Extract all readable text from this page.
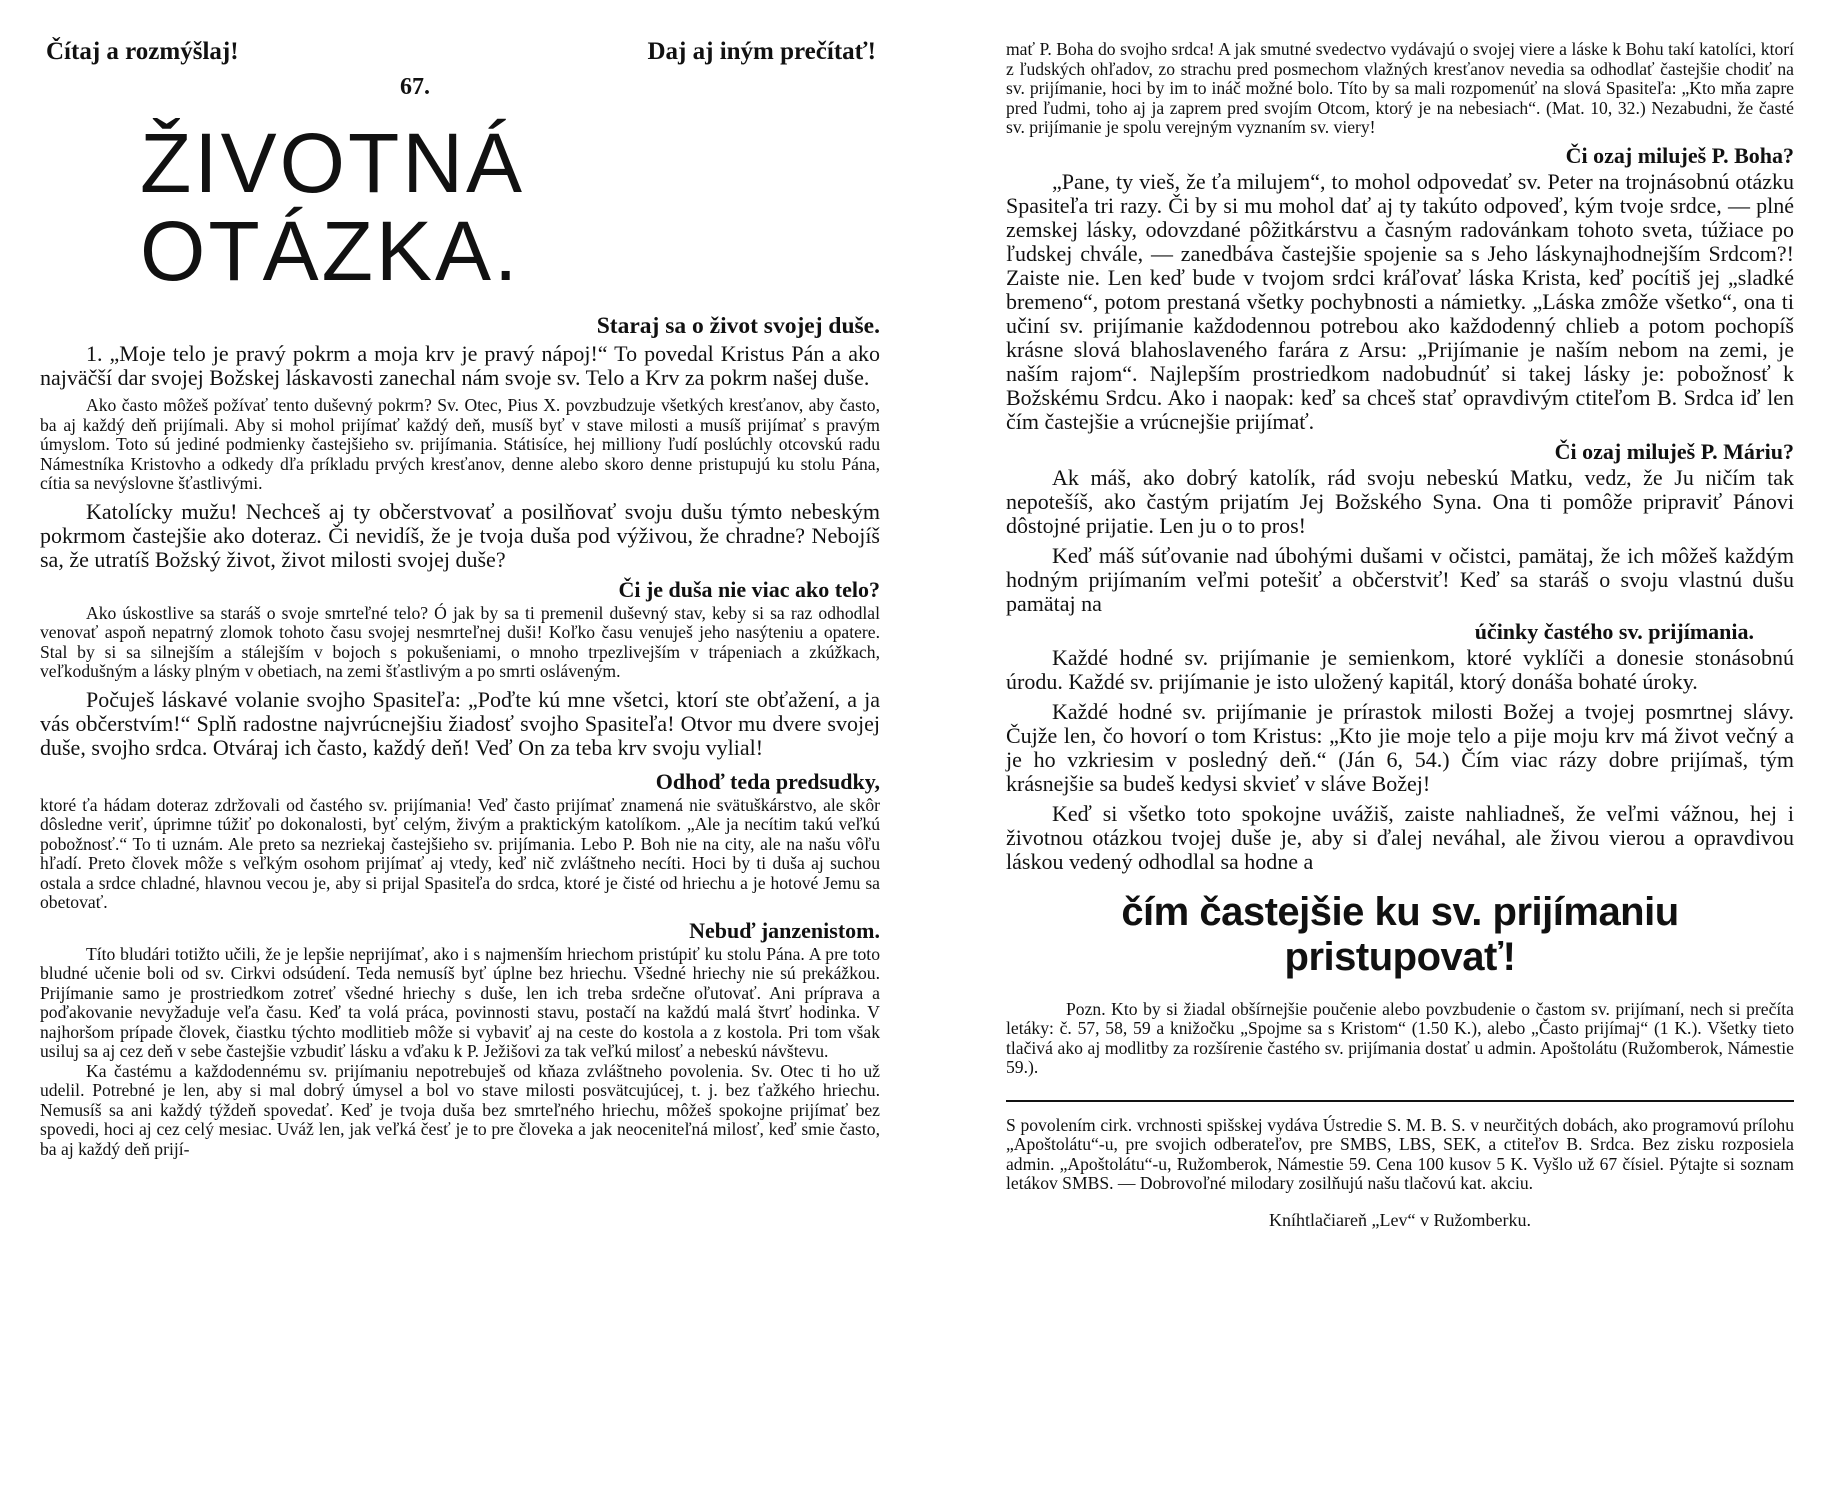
Čítaj a rozmýšlaj!	Daj aj iným prečítať!
67.
ŽIVOTNÁ OTÁZKA.
Staraj sa o život svojej duše.

1. „Moje telo je pravý pokrm a moja krv je pravý nápoj!“ To povedal Kristus Pán a ako najväčší dar svojej Božskej láskavosti zanechal nám svoje sv. Telo a Krv za pokrm našej duše.

Ako často môžeš požívať tento duševný pokrm? Sv. Otec, Pius X. povzbudzuje všetkých kresťanov, aby často, ba aj každý deň prijímali. Aby si mohol prijímať každý deň, musíš byť v stave milosti a musíš prijímať s pravým úmyslom. Toto sú jediné podmienky častejšieho sv. prijímania. Státisíce, hej milliony ľudí poslúchly otcovskú radu Námestníka Kristovho a odkedy dľa príkladu prvých kresťanov, denne alebo skoro denne pristupujú ku stolu Pána, cítia sa nevýslovne šťastlivými.

Katolícky mužu! Nechceš aj ty občerstvovať a posilňovať svoju dušu týmto nebeským pokrmom častejšie ako doteraz. Či nevidíš, že je tvoja duša pod výživou, že chradne? Nebojíš sa, že utratíš Božský život, život milosti svojej duše?

Či je duša nie viac ako telo?

Ako úskostlive sa staráš o svoje smrteľné telo? Ó jak by sa ti premenil duševný stav, keby si sa raz odhodlal venovať aspoň nepatrný zlomok tohoto času svojej nesmrteľnej duši! Koľko času venuješ jeho nasýteniu a opatere. Stal by si sa silnejším a stálejším v bojoch s pokušeniami, o mnoho trpezlivejším v trápeniach a zkúžkach, veľkodušným a lásky plným v obetiach, na zemi šťastlivým a po smrti osláveným.

Počuješ láskavé volanie svojho Spasiteľa: „Poďte kú mne všetci, ktorí ste obťažení, a ja vás občerstvím!“ Splň radostne najvrúcnejšiu žiadosť svojho Spasiteľa! Otvor mu dvere svojej duše, svojho srdca. Otváraj ich často, každý deň! Veď On za teba krv svoju vylial!

Odhoď teda predsudky,

ktoré ťa hádam doteraz zdržovali od častého sv. prijímania! Veď často prijímať znamená nie svätuškárstvo, ale skôr dôsledne veriť, úprimne túžiť po dokonalosti, byť celým, živým a praktickým katolíkom. „Ale ja necítim takú veľkú pobožnosť.“ To ti uznám. Ale preto sa nezriekaj častejšieho sv. prijímania. Lebo P. Boh nie na city, ale na našu vôľu hľadí. Preto človek môže s veľkým osohom prijímať aj vtedy, keď nič zvláštneho necíti. Hoci by ti duša aj suchou ostala a srdce chladné, hlavnou vecou je, aby si prijal Spasiteľa do srdca, ktoré je čisté od hriechu a je hotové Jemu sa obetovať.

Nebuď janzenistom.

Títo bludári totižto učili, že je lepšie neprijímať, ako i s najmenším hriechom pristúpiť ku stolu Pána. A pre toto bludné učenie boli od sv. Cirkvi odsúdení. Teda nemusíš byť úplne bez hriechu. Všedné hriechy nie sú prekážkou. Prijímanie samo je prostriedkom zotreť všedné hriechy s duše, len ich treba srdečne oľutovať. Ani príprava a poďakovanie nevyžaduje veľa času. Keď ta volá práca, povinnosti stavu, postačí na každú malá štvrť hodinka. V najhoršom prípade človek, čiastku týchto modlitieb môže si vybaviť aj na ceste do kostola a z kostola. Pri tom však usiluj sa aj cez deň v sebe častejšie vzbudiť lásku a vďaku k P. Ježišovi za tak veľkú milosť a nebeskú návštevu.

Ka častému a každodennému sv. prijímaniu nepotrebuješ od kňaza zvláštneho povolenia. Sv. Otec ti ho už udelil. Potrebné je len, aby si mal dobrý úmysel a bol vo stave milosti posvätcujúcej, t. j. bez ťažkého hriechu. Nemusíš sa ani každý týždeň spovedať. Keď je tvoja duša bez smrteľného hriechu, môžeš spokojne prijímať bez spovedi, hoci aj cez celý mesiac. Uváž len, jak veľká česť je to pre človeka a jak neoceniteľná milosť, keď smie často, ba aj každý deň prijí-

mať P. Boha do svojho srdca! A jak smutné svedectvo vydávajú o svojej viere a láske k Bohu takí katolíci, ktorí z ľudských ohľadov, zo strachu pred posmechom vlažných kresťanov nevedia sa odhodlať častejšie chodiť na sv. prijímanie, hoci by im to ináč možné bolo. Títo by sa mali rozpomenúť na slová Spasiteľa: „Kto mňa zapre pred ľudmi, toho aj ja zaprem pred svojím Otcom, ktorý je na nebesiach“. (Mat. 10, 32.) Nezabudni, že časté sv. prijímanie je spolu verejným vyznaním sv. viery!

Či ozaj miluješ P. Boha?

„Pane, ty vieš, že ťa milujem“, to mohol odpovedať sv. Peter na trojnásobnú otázku Spasiteľa tri razy. Či by si mu mohol dať aj ty takúto odpoveď, kým tvoje srdce, — plné zemskej lásky, odovzdané pôžitkárstvu a časným radovánkam tohoto sveta, túžiace po ľudskej chvále, — zanedbáva častejšie spojenie sa s Jeho láskynajhodnejším Srdcom?! Zaiste nie. Len keď bude v tvojom srdci kráľovať láska Krista, keď pocítiš jej „sladké bremeno“, potom prestaná všetky pochybnosti a námietky. „Láska zmôže všetko“, ona ti učiní sv. prijímanie každodennou potrebou ako každodenný chlieb a potom pochopíš krásne slová blahoslaveného farára z Arsu: „Prijímanie je naším nebom na zemi, je naším rajom“. Najlepším prostriedkom nadobudnúť si takej lásky je: pobožnosť k Božskému Srdcu. Ako i naopak: keď sa chceš stať opravdivým ctiteľom B. Srdca iď len čím častejšie a vrúcnejšie prijímať.

Či ozaj miluješ P. Máriu?

Ak máš, ako dobrý katolík, rád svoju nebeskú Matku, vedz, že Ju ničím tak nepotešíš, ako častým prijatím Jej Božského Syna. Ona ti pomôže pripraviť Pánovi dôstojné prijatie. Len ju o to pros!

Keď máš súťovanie nad úbohými dušami v očistci, pamätaj, že ich môžeš každým hodným prijímaním veľmi potešiť a občerstviť! Keď sa staráš o svoju vlastnú dušu pamätaj na

účinky častého sv. prijímania.

Každé hodné sv. prijímanie je semienkom, ktoré vyklíči a donesie stonásobnú úrodu. Každé sv. prijímanie je isto uložený kapitál, ktorý donáša bohaté úroky.

Každé hodné sv. prijímanie je prírastok milosti Božej a tvojej posmrtnej slávy. Čujže len, čo hovorí o tom Kristus: „Kto jie moje telo a pije moju krv má život večný a je ho vzkriesim v posledný deň.“ (Ján 6, 54.) Čím viac rázy dobre prijímaš, tým krásnejšie sa budeš kedysi skvieť v sláve Božej!

Keď si všetko toto spokojne uvážiš, zaiste nahliadneš, že veľmi vážnou, hej i životnou otázkou tvojej duše je, aby si ďalej neváhal, ale živou vierou a opravdivou láskou vedený odhodlal sa hodne a

čím častejšie ku sv. prijímaniu pristupovať!

Pozn. Kto by si žiadal obšírnejšie poučenie alebo povzbudenie o častom sv. prijímaní, nech si prečíta letáky: č. 57, 58, 59 a knižočku „Spojme sa s Kristom“ (1.50 K.), alebo „Často prijímaj“ (1 K.). Všetky tieto tlačivá ako aj modlitby za rozšírenie častého sv. prijímania dostať u admin. Apoštolátu (Ružomberok, Námestie 59.).

S povolením cirk. vrchnosti spišskej vydáva Ústredie S. M. B. S. v neurčitých dobách, ako programovú prílohu „Apoštolátu“-u, pre svojich odberateľov, pre SMBS, LBS, SEK, a ctiteľov B. Srdca. Bez zisku rozposiela admin. „Apoštolátu“-u, Ružomberok, Námestie 59. Cena 100 kusov 5 K. Vyšlo už 67 čísiel. Pýtajte si soznam letákov SMBS. — Dobrovoľné milodary zosilňujú našu tlačovú kat. akciu.

Kníhtlačiareň „Lev“ v Ružomberku.
